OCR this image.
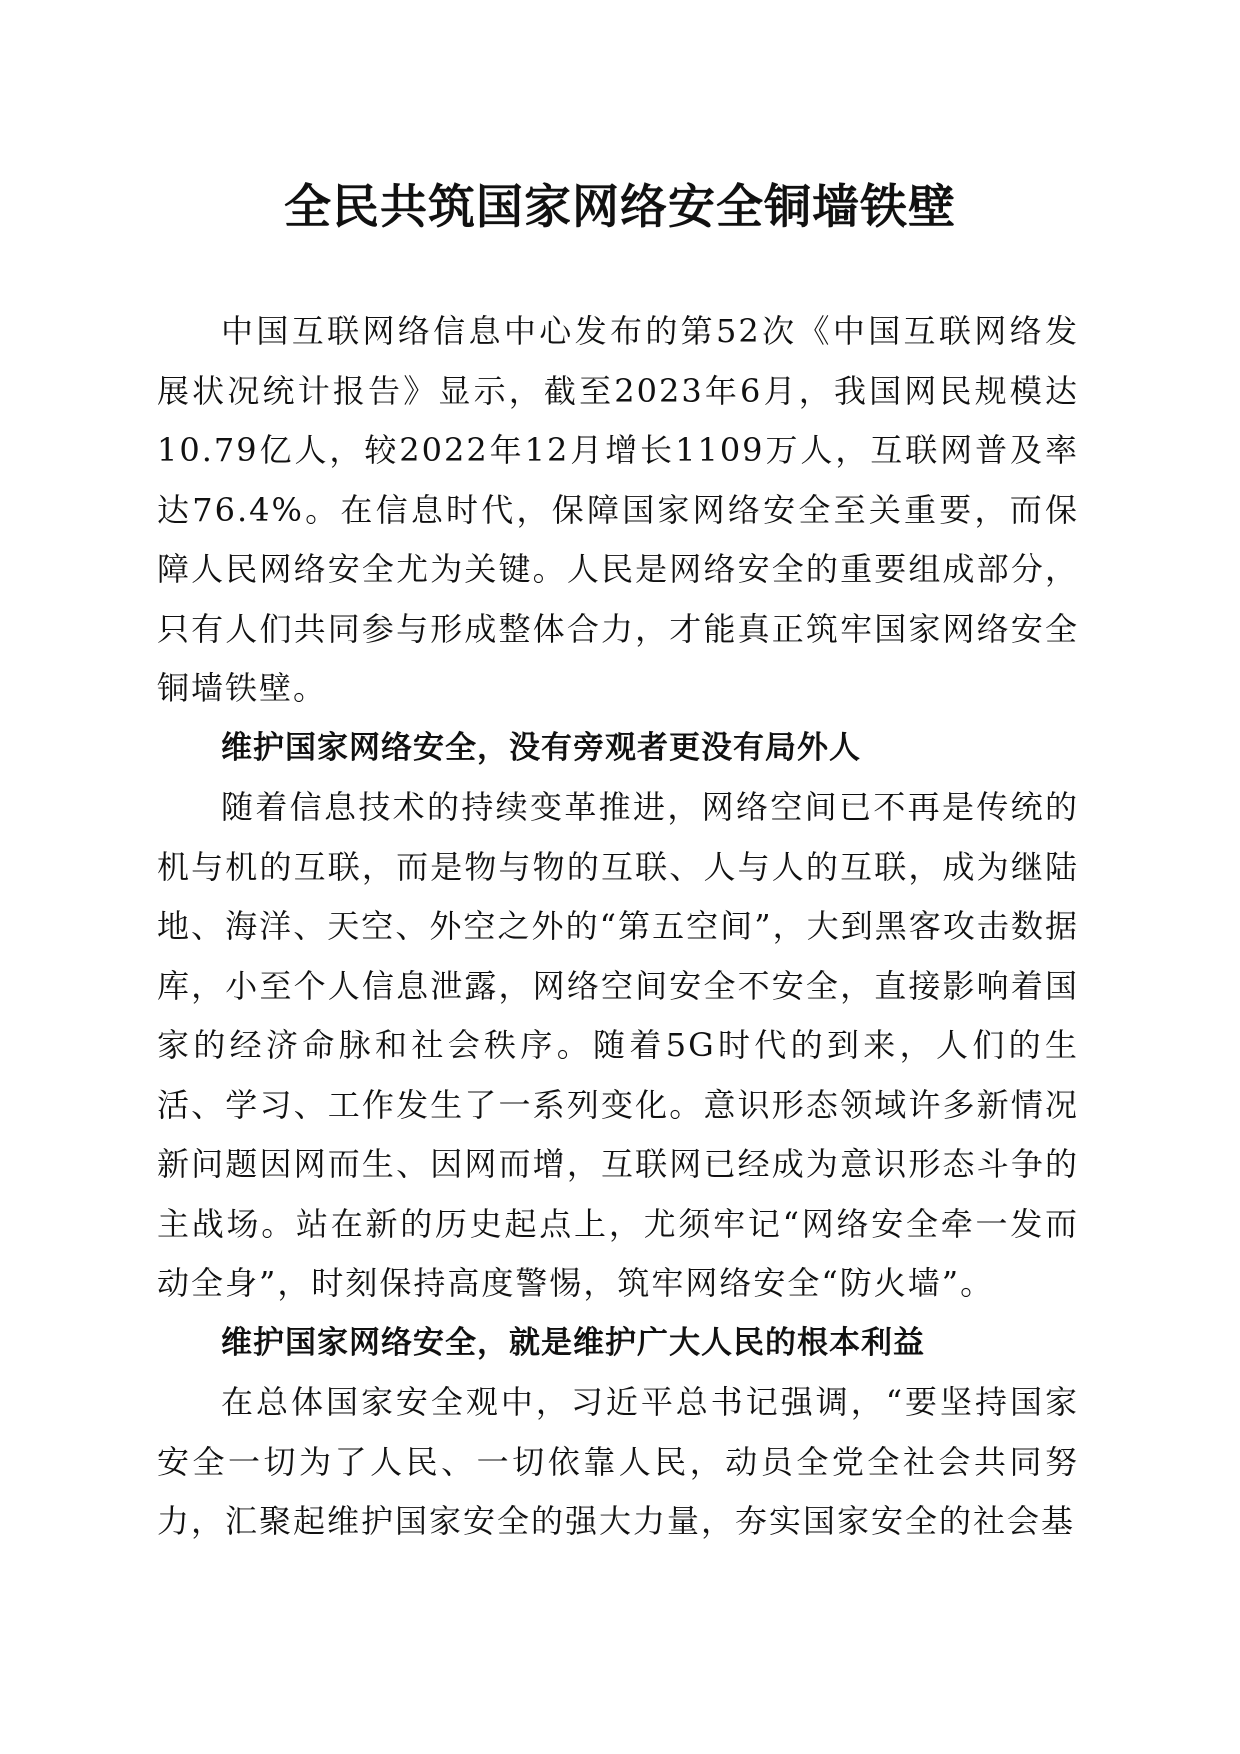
全民共筑国家网络安全铜墙铁壁

中国互联网络信息中心发布的第52次《中国互联网络发展状况统计报告》显示，截至2023年6月，我国网民规模达10.79亿人，较2022年12月增长1109万人，互联网普及率达76.4%。在信息时代，保障国家网络安全至关重要，而保障人民网络安全尤为关键。人民是网络安全的重要组成部分，只有人们共同参与形成整体合力，才能真正筑牢国家网络安全铜墙铁壁。

维护国家网络安全，没有旁观者更没有局外人

随着信息技术的持续变革推进，网络空间已不再是传统的机与机的互联，而是物与物的互联、人与人的互联，成为继陆地、海洋、天空、外空之外的“第五空间”，大到黑客攻击数据库，小至个人信息泄露，网络空间安全不安全，直接影响着国家的经济命脉和社会秩序。随着5G时代的到来，人们的生活、学习、工作发生了一系列变化。意识形态领域许多新情况新问题因网而生、因网而增，互联网已经成为意识形态斗争的主战场。站在新的历史起点上，尤须牢记“网络安全牵一发而动全身”，时刻保持高度警惕，筑牢网络安全“防火墙”。

维护国家网络安全，就是维护广大人民的根本利益

在总体国家安全观中，习近平总书记强调，“要坚持国家安全一切为了人民、一切依靠人民，动员全党全社会共同努力，汇聚起维护国家安全的强大力量，夯实国家安全的社会基
